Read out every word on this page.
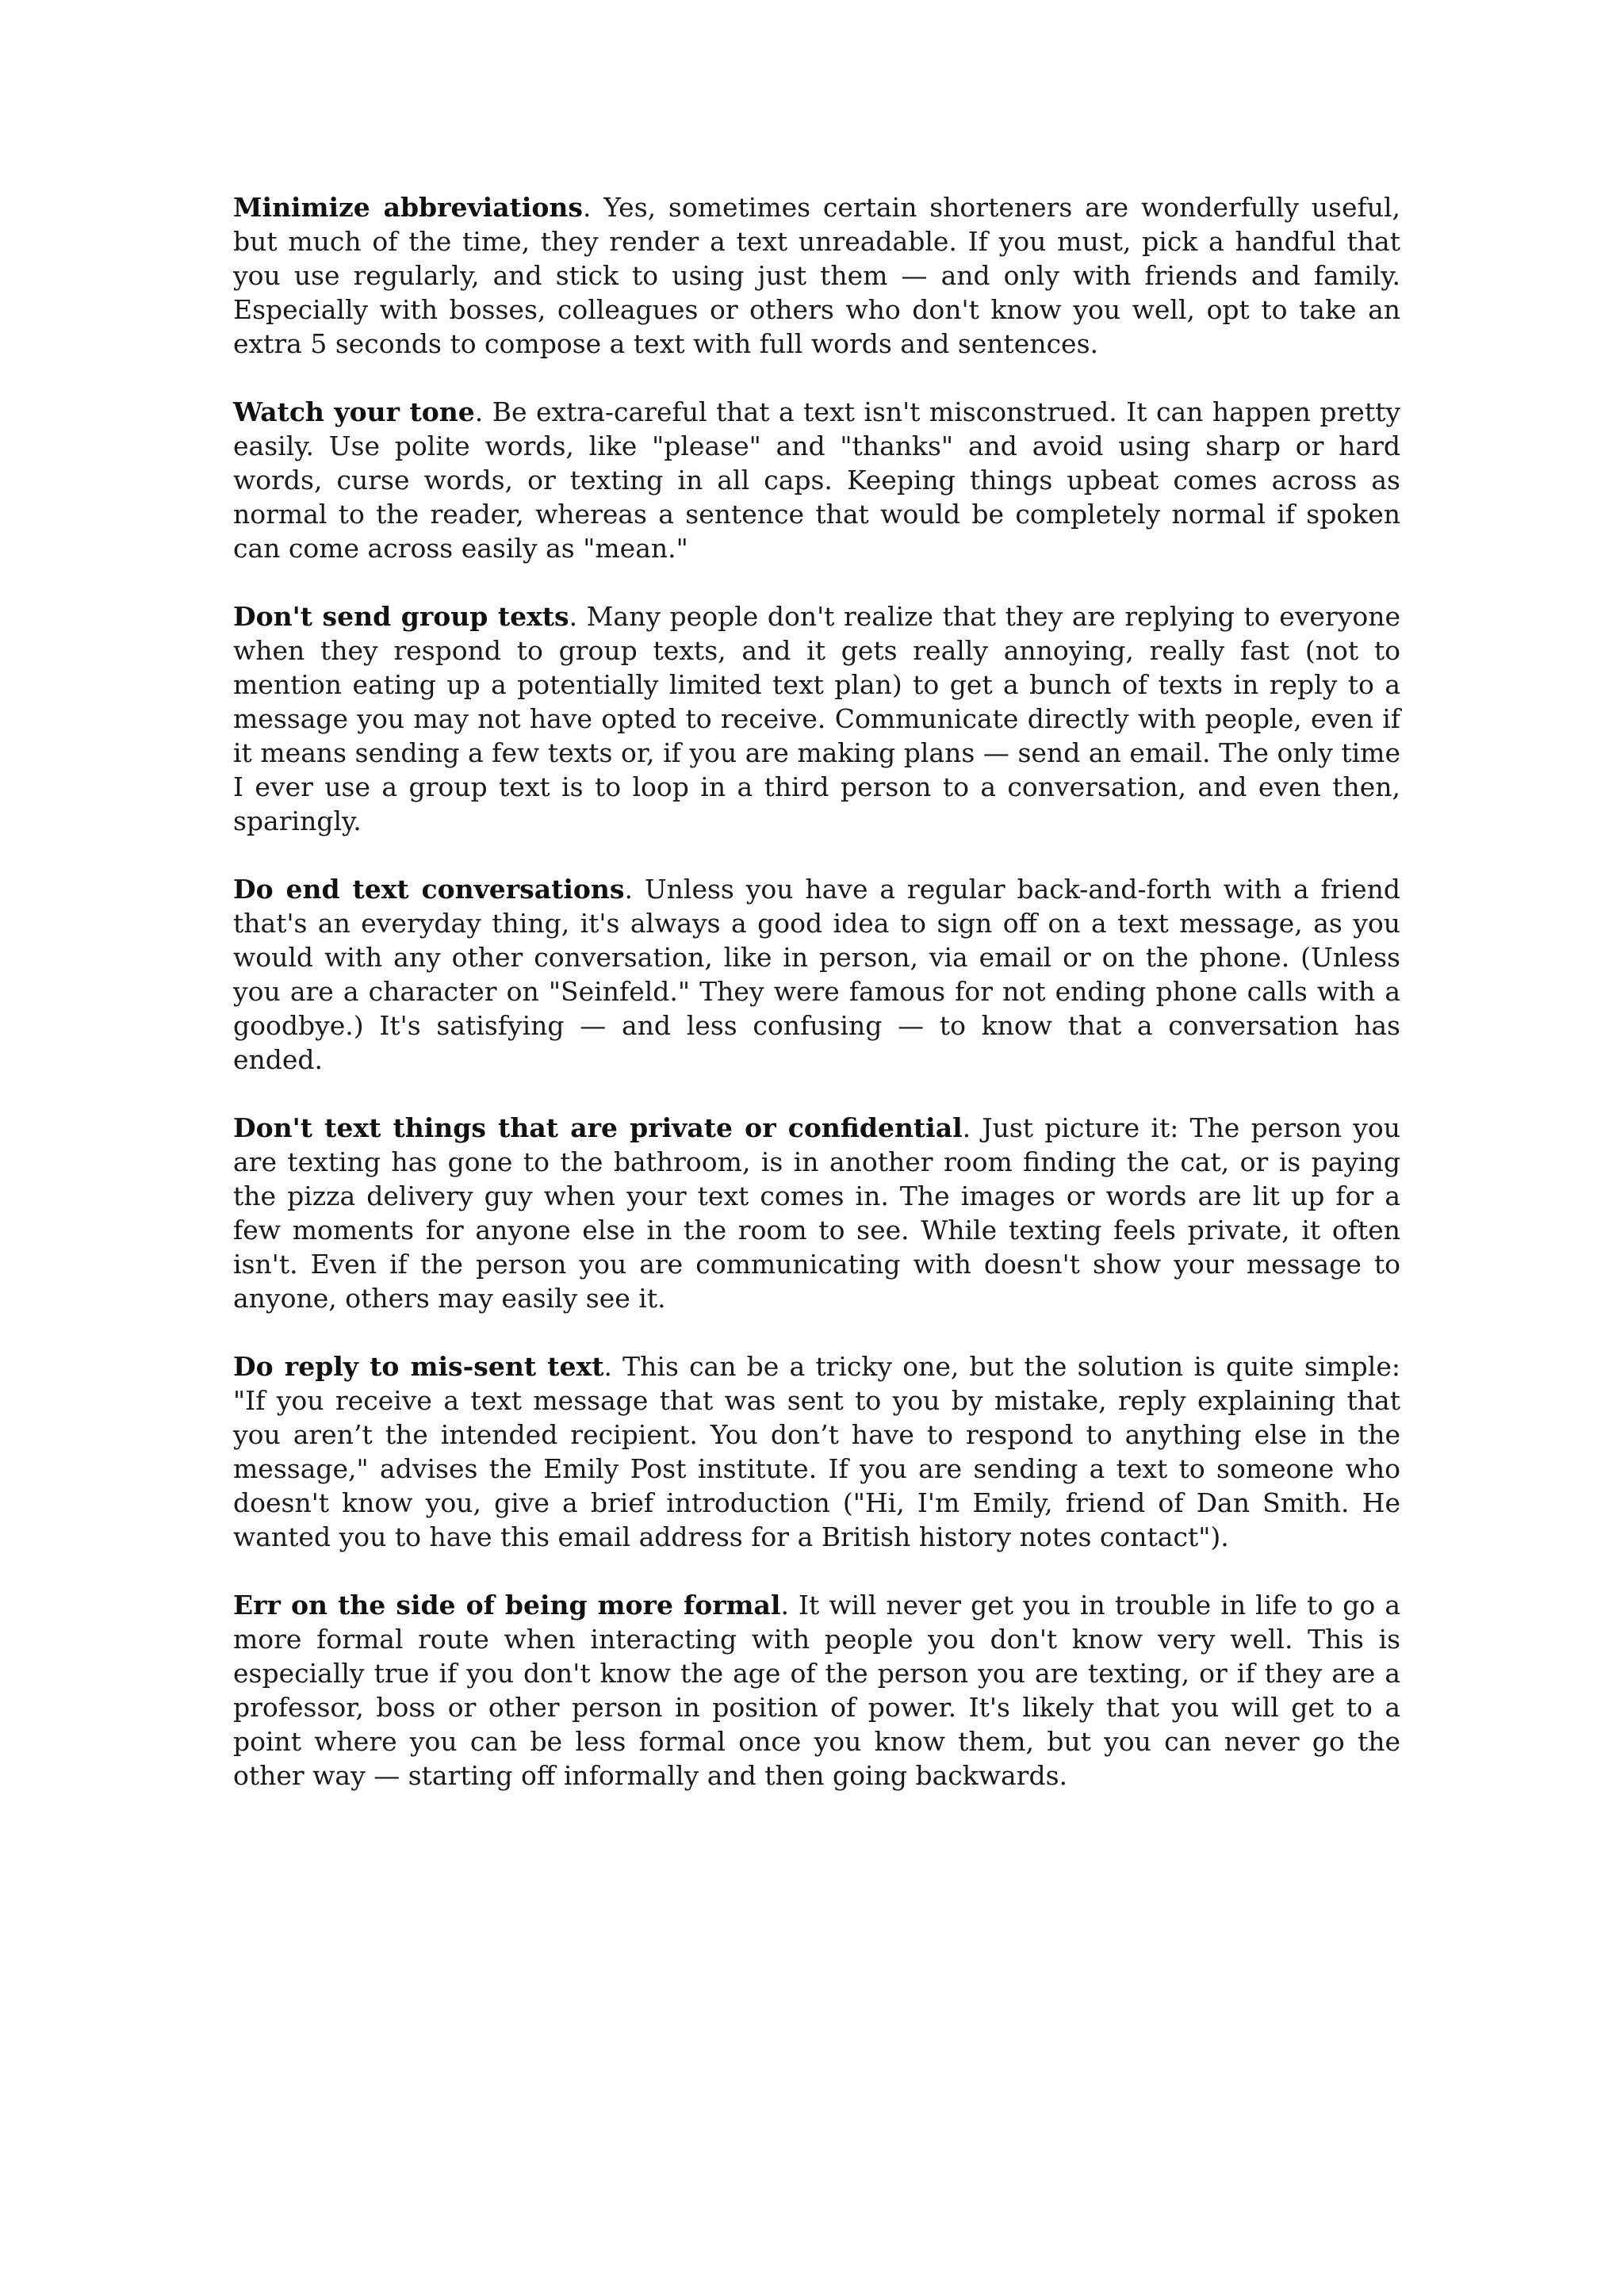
Minimize abbreviations. Yes, sometimes certain shorteners are wonderfully useful, but much of the time, they render a text unreadable. If you must, pick a handful that you use regularly, and stick to using just them — and only with friends and family. Especially with bosses, colleagues or others who don't know you well, opt to take an extra 5 seconds to compose a text with full words and sentences.

Watch your tone. Be extra-careful that a text isn't misconstrued. It can happen pretty easily. Use polite words, like "please" and "thanks" and avoid using sharp or hard words, curse words, or texting in all caps. Keeping things upbeat comes across as normal to the reader, whereas a sentence that would be completely normal if spoken can come across easily as "mean."

Don't send group texts. Many people don't realize that they are replying to everyone when they respond to group texts, and it gets really annoying, really fast (not to mention eating up a potentially limited text plan) to get a bunch of texts in reply to a message you may not have opted to receive. Communicate directly with people, even if it means sending a few texts or, if you are making plans — send an email. The only time I ever use a group text is to loop in a third person to a conversation, and even then, sparingly.

Do end text conversations. Unless you have a regular back-and-forth with a friend that's an everyday thing, it's always a good idea to sign off on a text message, as you would with any other conversation, like in person, via email or on the phone. (Unless you are a character on "Seinfeld." They were famous for not ending phone calls with a goodbye.) It's satisfying — and less confusing — to know that a conversation has ended.

Don't text things that are private or confidential. Just picture it: The person you are texting has gone to the bathroom, is in another room finding the cat, or is paying the pizza delivery guy when your text comes in. The images or words are lit up for a few moments for anyone else in the room to see. While texting feels private, it often isn't. Even if the person you are communicating with doesn't show your message to anyone, others may easily see it.

Do reply to mis-sent text. This can be a tricky one, but the solution is quite simple: "If you receive a text message that was sent to you by mistake, reply explaining that you aren’t the intended recipient. You don’t have to respond to anything else in the message," advises the Emily Post institute. If you are sending a text to someone who doesn't know you, give a brief introduction ("Hi, I'm Emily, friend of Dan Smith. He wanted you to have this email address for a British history notes contact").

Err on the side of being more formal. It will never get you in trouble in life to go a more formal route when interacting with people you don't know very well. This is especially true if you don't know the age of the person you are texting, or if they are a professor, boss or other person in position of power. It's likely that you will get to a point where you can be less formal once you know them, but you can never go the other way — starting off informally and then going backwards.
